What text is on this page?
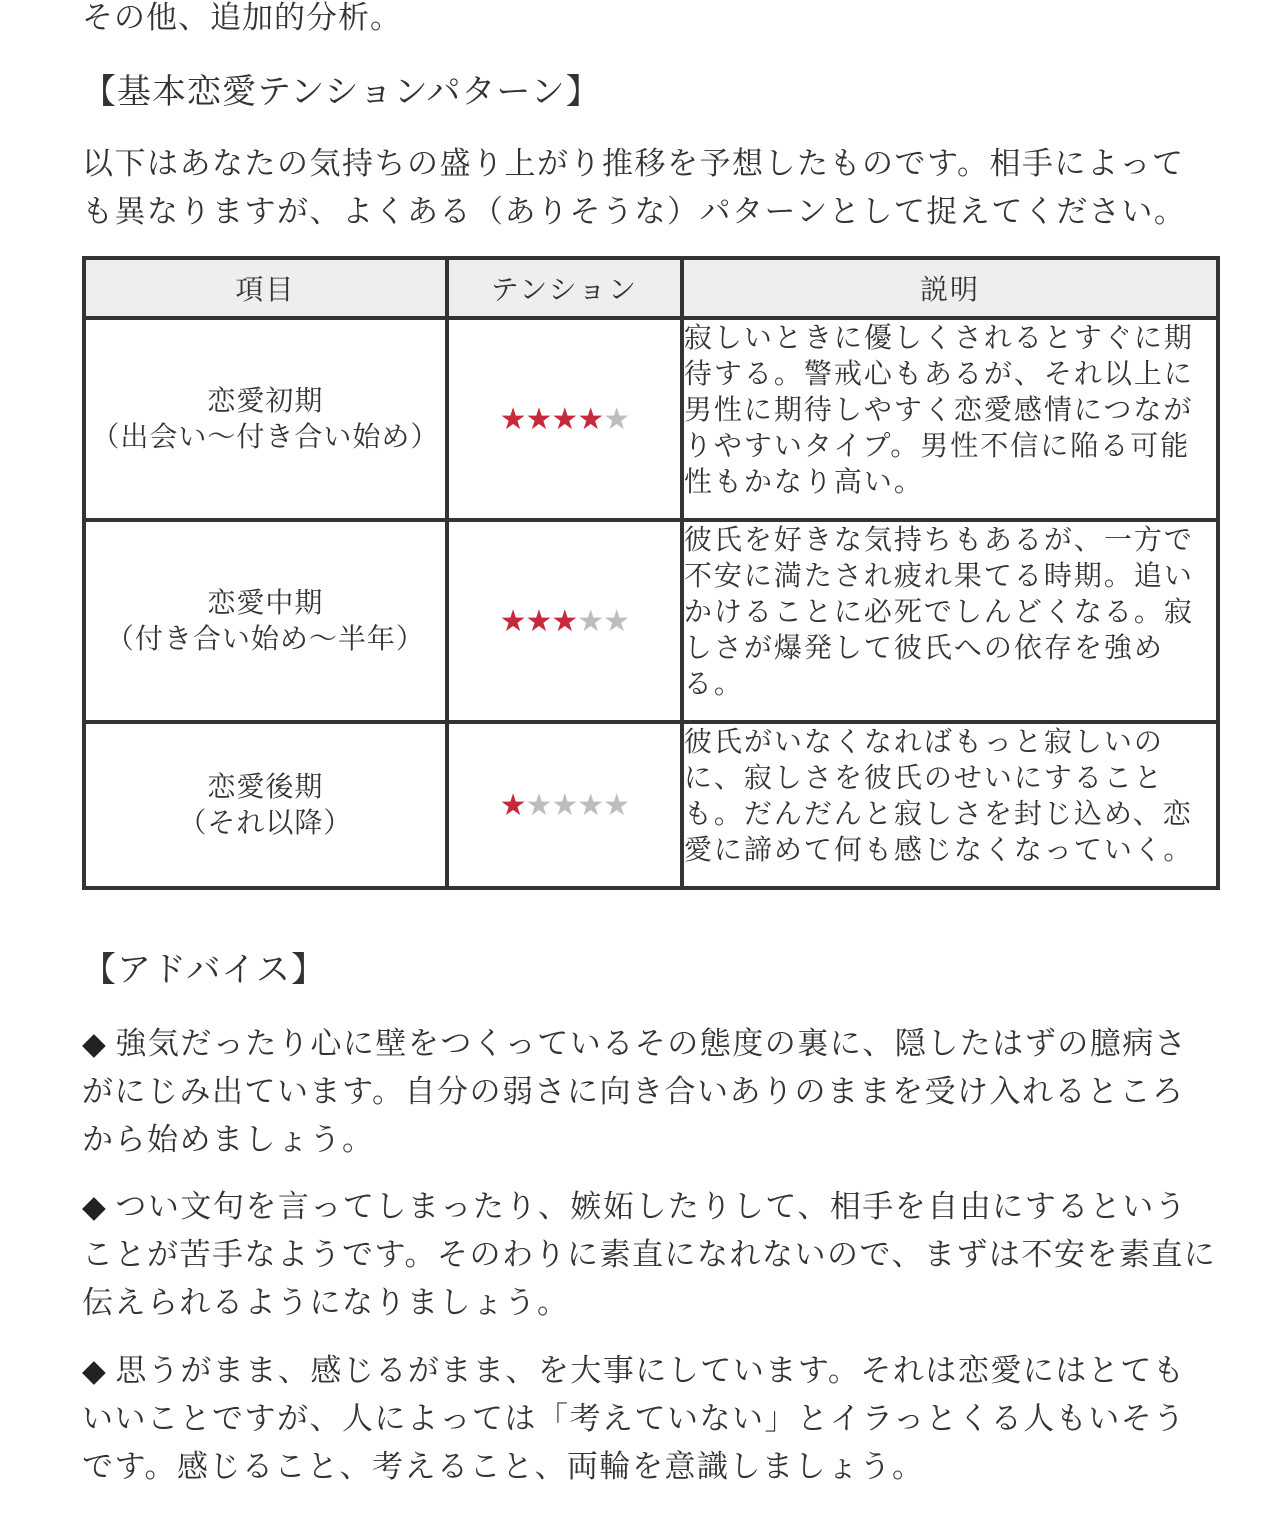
その他、追加的分析。
【基本恋愛テンションパターン】

以下はあなたの気持ちの盛り上がり推移を予想したものです。相手によっても異なりますが、よくある（ありそうな）パターンとして捉えてください。

項目	テンション	説明
恋愛初期
（出会い〜付き合い始め）	★★★★★	寂しいときに優しくされるとすぐに期待する。警戒心もあるが、それ以上に男性に期待しやすく恋愛感情につながりやすいタイプ。男性不信に陥る可能性もかなり高い。
恋愛中期
（付き合い始め〜半年）	★★★★★	彼氏を好きな気持ちもあるが、一方で不安に満たされ疲れ果てる時期。追いかけることに必死でしんどくなる。寂しさが爆発して彼氏への依存を強める。
恋愛後期
（それ以降）	★★★★★	彼氏がいなくなればもっと寂しいのに、寂しさを彼氏のせいにすることも。だんだんと寂しさを封じ込め、恋愛に諦めて何も感じなくなっていく。
【アドバイス】

◆ 強気だったり心に壁をつくっているその態度の裏に、隠したはずの臆病さがにじみ出ています。自分の弱さに向き合いありのままを受け入れるところから始めましょう。

◆ つい文句を言ってしまったり、嫉妬したりして、相手を自由にするということが苦手なようです。そのわりに素直になれないので、まずは不安を素直に伝えられるようになりましょう。

◆ 思うがまま、感じるがまま、を大事にしています。それは恋愛にはとてもいいことですが、人によっては「考えていない」とイラっとくる人もいそうです。感じること、考えること、両輪を意識しましょう。
